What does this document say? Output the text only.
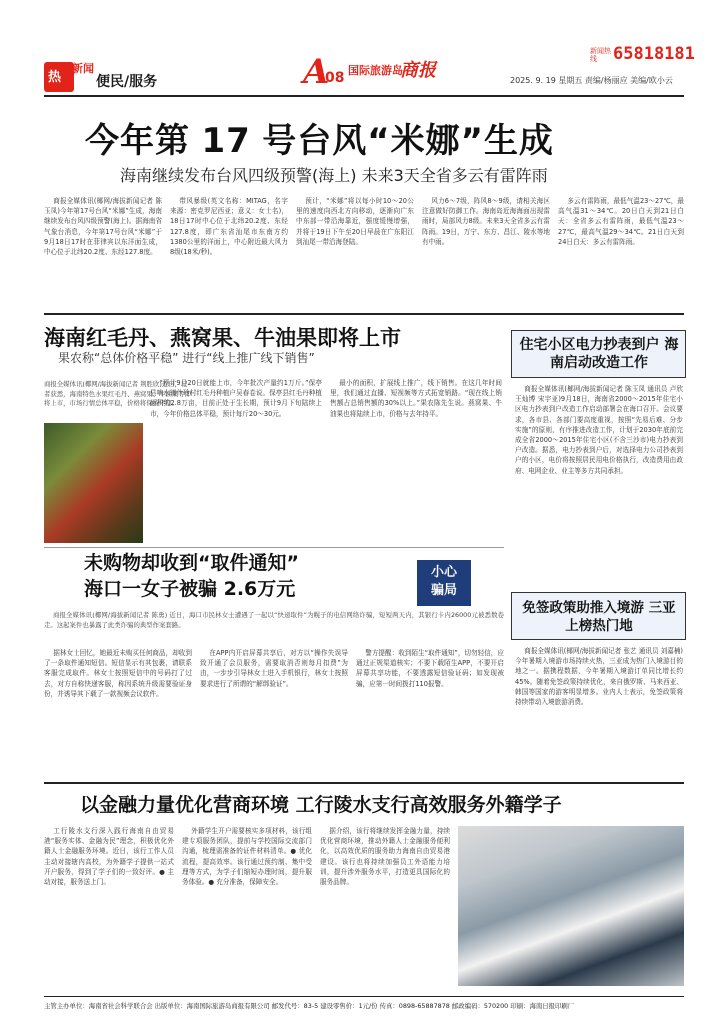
热
新闻
便民/服务	A
08 国际旅游岛
商报
新闻热线 65818181
2025. 9. 19 星期五 责编/杨丽应 美编/欧小云
今年第 17 号台风“米娜”生成
海南继续发布台风四级预警(海上) 未来3天全省多云有雷阵雨

商报全媒体讯(椰网/海拔新闻记者 陈玉凤)今年第17号台风“米娜”生成，海南继续发布台风四级预警(海上)。据海南省气象台消息，今年第17号台风“米娜”于9月18日17时在菲律宾以东洋面生成，中心位于北纬20.2度、东经127.8度。

带风暴级(英文名称：MITAG，名字来源：密克罗尼西亚；意义：女士名)，18日17时中心位于北纬20.2度、东经127.8度，即广东省汕尾市东南方约1380公里的洋面上，中心附近最大风力8级(18米/秒)。

预计，“米娜”将以每小时10～20公里的速度向西北方向移动，逐渐向广东中东部一带沿海靠近，强度缓慢增强，并将于19日下午至20日早晨在广东阳江到汕尾一带沿海登陆。

风力6～7级，阵风8～9级，请相关海区注意做好防御工作。海南岛近海海面出现雷雨时，局部风力8级。未来3天全省多云有雷阵雨。19日，万宁、东方、昌江、陵水等地有中雨。

多云有雷阵雨，最低气温23～27℃，最高气温31～34℃。20日白天到21日白天：全省多云有雷阵雨，最低气温23～27℃，最高气温29～34℃。21日白天到24日白天：多云有雷阵雨。

海南红毛丹、燕窝果、牛油果即将上市
果农称“总体价格平稳” 进行“线上推广线下销售”
商报全媒体讯(椰网/海拔新闻记者 荆胜欣)近日，记者获悉，海南特色水果红毛丹、燕窝果、牛油果等即将上市，市场行情总体平稳，价格将保持平稳。

“预计9月20日就能上市，今年批次产量约1万斤。”保亭县响水镇什玲村红毛丹种植户吴春卷说。保亭县红毛丹种植面积约2.8万亩，目前正处于生长期，预计9月下旬陆续上市，今年价格总体平稳，预计每斤20～30元。

最小的面积，扩展线上推广，线下销售。在这几年时间里，我们通过直播、短视频等方式拓宽销路。“现在线上销售额占总销售额的30%以上。”果农陈先生说。燕窝果、牛油果也将陆续上市，价格与去年持平。

住宅小区电力抄表到户 海南启动改造工作

商报全媒体讯(椰网/海拔新闻记者 陈玉凤 通讯员 卢欣 王灿博 宋宇亚)9月18日，海南省2000～2015年住宅小区电力抄表到户改造工作启动部署会在海口召开。会议要求，各市县、各部门要高度重视，按照“先易后难、分步实施”的原则，有序推进改造工作，计划于2030年底前完成全省2000～2015年住宅小区(不含三沙市)电力抄表到户改造。据悉，电力抄表到户后，对选择电力公司抄表到户的小区，电价将按照居民用电价格执行，改造费用由政府、电网企业、业主等多方共同承担。

未购物却收到“取件通知”
海口一女子被骗 2.6万元
小心
骗局

商报全媒体讯(椰网/海拔新闻记者 陈勇) 近日，海口市民林女士遭遇了一起以“快递取件”为幌子的电信网络诈骗，短短两天内，其银行卡内26000元被悉数卷走。这起案件也暴露了此类诈骗的典型作案套路。

据林女士回忆，她最近未购买任何商品，却收到了一条取件通知短信。短信显示有其包裹，请联系客服完成取件。林女士按照短信中的号码打了过去，对方自称快递客服，称因系统升级需要验证身份，并诱导其下载了一款视频会议软件。

在APP内开启屏幕共享后，对方以“操作失误导致开通了会员服务，需要取消否则每月扣费”为由，一步步引导林女士进入手机银行，林女士按照要求进行了所谓的“解绑验证”。

警方提醒：收到陌生“取件通知”，切勿轻信，应通过正规渠道核实；不要下载陌生APP，不要开启屏幕共享功能，不要透露短信验证码；如发现被骗，应第一时间拨打110报警。

免签政策助推入境游 三亚上榜热门地

商报全媒体讯(椰网/海拔新闻记者 张艺 通讯员 刘嘉楠)今年暑期入境游市场持续火热，三亚成为热门入境游目的地之一。据携程数据，今年暑期入境游订单同比增长约45%。随着免签政策持续优化，来自俄罗斯、马来西亚、韩国等国家的游客明显增多。业内人士表示，免签政策将持续带动入境旅游消费。

以金融力量优化营商环境 工行陵水支行高效服务外籍学子

工行陵水支行深入践行海南自由贸易港“服务实体、金融为民”理念，积极优化外籍人士金融服务环境。近日，该行工作人员主动对接辖内高校，为外籍学子提供一站式开户服务，得到了学子们的一致好评。● 主动对接，服务送上门。

外籍学生开户需要核实多项材料，该行组建专项服务团队，提前与学校国际交流部门沟通，梳理需准备的证件材料清单。● 优化流程，提高效率。该行通过预约制、集中受理等方式，为学子们缩短办理时间，提升服务体验。● 充分准备，保障安全。

据介绍，该行将继续发挥金融力量，持续优化营商环境，推动外籍人士金融服务便利化，以高效优质的服务助力海南自由贸易港建设。该行也将持续加强员工外语能力培训，提升涉外服务水平，打造更具国际化的服务品牌。

主管主办单位：海南省社会科学联合会 出版单位：海南国际旅游岛商报有限公司 邮发代号：83-5 建设零售价：1元/份 传真：0898-65887878 邮政编码：570200 印刷：海南日报印刷厂
